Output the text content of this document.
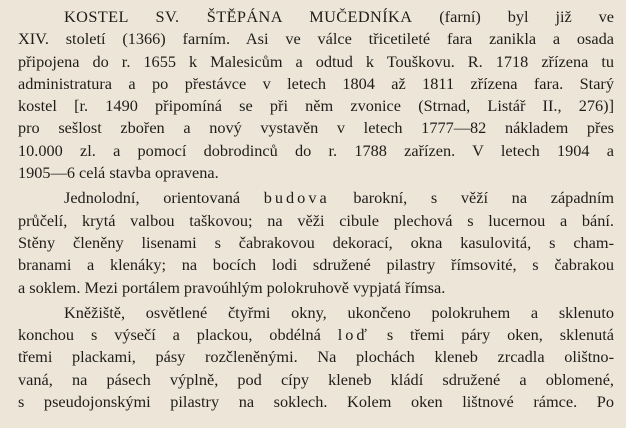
KOSTEL SV. ŠTĚPÁNA MUČEDNÍKA (farní) byl již ve
XIV. století (1366) farním. Asi ve válce třicetileté fara zanikla a osada
připojena do r. 1655 k Malesicům a odtud k Touškovu. R. 1718 zřízena tu
administratura a po přestávce v letech 1804 až 1811 zřízena fara. Starý
kostel [r. 1490 připomíná se při něm zvonice (Strnad, Listář II., 276)]
pro sešlost zbořen a nový vystavěn v letech 1777—82 nákladem přes
10.000 zl. a pomocí dobrodinců do r. 1788 zařízen. V letech 1904 a
1905—6 celá stavba opravena.

Jednolodní, orientovaná budova barokní, s věží na západním
průčelí, krytá valbou taškovou; na věži cibule plechová s lucernou a bání.
Stěny členěny lisenami s čabrakovou dekorací, okna kasulovitá, s cham-
branami a klenáky; na bocích lodi sdružené pilastry římsovité, s čabrakou
a soklem. Mezi portálem pravoúhlým polokruhově vypjatá římsa.

Kněžiště, osvětlené čtyřmi okny, ukončeno polokruhem a sklenuto
konchou s výsečí a plackou, obdélná loď s třemi páry oken, sklenutá
třemi plackami, pásy rozčleněnými. Na plochách kleneb zrcadla olištno-
vaná, na pásech výplně, pod cípy kleneb kládí sdružené a oblomené,
s pseudojonskými pilastry na soklech. Kolem oken lištnové rámce. Po
